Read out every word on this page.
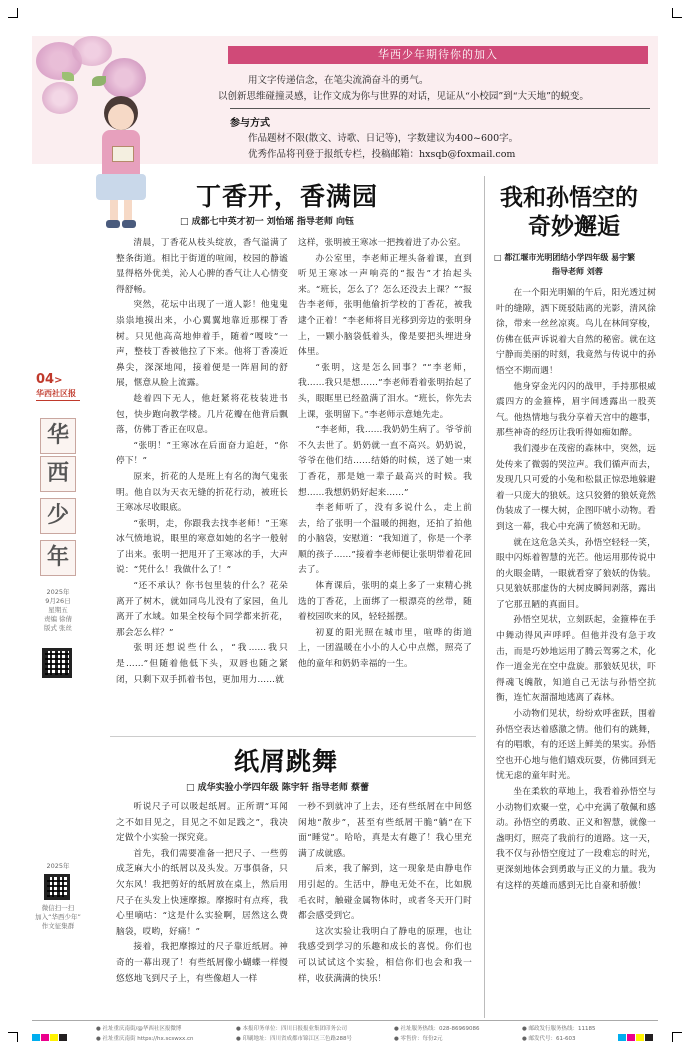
华西少年期待你的加入
用文字传递信念，在笔尖流淌奋斗的勇气。
以创新思维碰撞灵感，让作文成为你与世界的对话，见证从“小校园”到“大天地”的蜕变。
参与方式
作品题材不限(散文、诗歌、日记等)，字数建议为400~600字。
优秀作品将刊登于报纸专栏，投稿邮箱：hxsqb@foxmail.com
04>
华西社区报
华
西
少
年
2025年
9月26日
星期五
责编 徐倩
版式 张丝
2025年
微信扫一扫
加入“华西少年”
作文征集群
丁香开，香满园
□ 成都七中英才初一 刘怡瑶 指导老师 向钰

清晨，丁香花从枝头绽放，香气溢满了整条街道。相比于街道的喧闹，校园的静谧显得格外优美，沁人心脾的香气让人心情变得舒畅。

突然，花坛中出现了一道人影！他鬼鬼祟祟地摸出来，小心翼翼地靠近那棵丁香树。只见他高高地伸着手，随着“嘎吱”一声，整枝丁香被他拉了下来。他将丁香凑近鼻尖，深深地闻，接着便是一阵眉间的舒展，惬意从脸上流露。

趁着四下无人，他赶紧将花枝装进书包，快步跑向教学楼。几片花瓣在他背后飘落，仿佛丁香正在叹息。

“张明！”王寒冰在后面奋力追赶，“你停下！”

原来，折花的人是班上有名的淘气鬼张明。他自以为天衣无缝的折花行动，被班长王寒冰尽收眼底。

“张明，走，你跟我去找李老师！”王寒冰气愤地说，眼里的寒意如她的名字一般射了出来。张明一把甩开了王寒冰的手，大声说：“凭什么！我做什么了！”

“还不承认？你书包里装的什么？花朵离开了树木，就如同鸟儿没有了家园，鱼儿离开了水域。如果全校每个同学都来折花，那会怎么样？”

张明还想说些什么，“我……我只是……”但随着他低下头，双唇也随之紧闭，只剩下双手抓着书包，更加用力……就

这样，张明被王寒冰一把拽着进了办公室。

办公室里，李老师正埋头备着课，直到听见王寒冰一声响亮的“报告”才抬起头来。“班长，怎么了？怎么还没去上课？”“报告李老师，张明他偷折学校的丁香花，被我逮个正着！”李老师将目光移到旁边的张明身上，一颗小脑袋低着头，像是要把头埋进身体里。

“张明，这是怎么回事？”“李老师，我……我只是想……”李老师看着张明抬起了头，眼眶里已经盈满了泪水。“班长，你先去上课，张明留下。”李老师示意她先走。

“李老师，我……我奶奶生病了。爷爷前不久去世了。奶奶就一直不高兴。奶奶说，爷爷在他们结……结婚的时候，送了她一束丁香花，那是她一辈子最高兴的时候。我想……我想奶奶好起来……”

李老师听了，没有多说什么，走上前去，给了张明一个温暖的拥抱，还拍了拍他的小脑袋，安慰道：“我知道了，你是一个孝顺的孩子……”接着李老师便让张明带着花回去了。

体育课后，张明的桌上多了一束精心挑选的丁香花，上面绑了一根漂亮的丝带，随着校园吹来的风，轻轻摇摆。

初夏的阳光照在城市里，喧哗的街道上，一团温暖在小小的人心中点燃，照亮了他的童年和奶奶幸福的一生。

我和孙悟空的
奇妙邂逅
□ 都江堰市光明团结小学四年级 易宇繁
指导老师 刘蓉

在一个阳光明媚的午后，阳光透过树叶的缝隙，洒下斑驳陆离的光影，清风徐徐，带来一丝丝凉爽。鸟儿在林间穿梭，仿佛在低声诉说着大自然的秘密。就在这宁静而美丽的时刻，我竟然与传说中的孙悟空不期而遇！

他身穿金光闪闪的战甲，手持那根威震四方的金箍棒，眉宇间透露出一股英气。他热情地与我分享着天宫中的趣事，那些神奇的经历让我听得如痴如醉。

我们漫步在茂密的森林中，突然，远处传来了微弱的哭泣声。我们循声而去，发现几只可爱的小兔和松鼠正惊恐地躲避着一只庞大的狼妖。这只狡猾的狼妖竟然伪装成了一棵大树，企图吓唬小动物。看到这一幕，我心中充满了愤怒和无助。

就在这危急关头，孙悟空轻轻一笑，眼中闪烁着智慧的光芒。他运用那传说中的火眼金睛，一眼就看穿了狼妖的伪装。只见狼妖那虚伪的大树皮瞬间剥落，露出了它那丑陋的真面目。

孙悟空见状，立刻跃起，金箍棒在手中舞动得风声呼呼。但他并没有急于攻击，而是巧妙地运用了腾云驾雾之术，化作一道金光在空中盘旋。那狼妖见状，吓得魂飞魄散，知道自己无法与孙悟空抗衡，连忙灰溜溜地逃离了森林。

小动物们见状，纷纷欢呼雀跃，围着孙悟空表达着感激之情。他们有的跳舞，有的唱歌，有的还送上鲜美的果实。孙悟空也开心地与他们嬉戏玩耍，仿佛回到无忧无虑的童年时光。

坐在柔软的草地上，我看着孙悟空与小动物们欢聚一堂，心中充满了敬佩和感动。孙悟空的勇敢、正义和智慧，就像一盏明灯，照亮了我前行的道路。这一天，我不仅与孙悟空度过了一段难忘的时光，更深刻地体会到勇敢与正义的力量。我为有这样的英雄而感到无比自豪和骄傲！

纸屑跳舞
□ 成华实验小学四年级 陈宇轩 指导老师 蔡蕾

听说尺子可以吸起纸屑。正所谓“耳闻之不如目见之，目见之不如足践之”，我决定做个小实验一探究竟。

首先，我们需要准备一把尺子、一些剪成芝麻大小的纸屑以及头发。万事俱备，只欠东风！我把剪好的纸屑放在桌上，然后用尺子在头发上快速摩擦。摩擦时有点疼，我心里嘀咕：“这是什么实验啊，居然这么费脑袋，哎哟，好痛！”

接着，我把摩擦过的尺子靠近纸屑。神奇的一幕出现了！有些纸屑像小蝴蝶一样慢悠悠地飞到尺子上，有些像超人一样

一秒不到就冲了上去，还有些纸屑在中间悠闲地“散步”，甚至有些纸屑干脆“躺”在下面“睡觉”。哈哈，真是太有趣了！我心里充满了成就感。

后来，我了解到，这一现象是由静电作用引起的。生活中，静电无处不在，比如脱毛衣时，触碰金属物体时，或者冬天开门时都会感受到它。

这次实验让我明白了静电的原理，也让我感受到学习的乐趣和成长的喜悦。你们也可以试试这个实验，相信你们也会和我一样，收获满满的快乐！

● 社址重庆南街/@华西社区报微博	● 本报印务单位：四川日报报业集团印务公司	● 社址服务热线：028-86969086	● 邮政发行服务热线：11185
● 社址重庆南街 https://hx.scswxx.cn	● 印刷地址：四川省成都市锦江区三色路288号	● 零售价：每份2元	● 邮发代号：61-603
